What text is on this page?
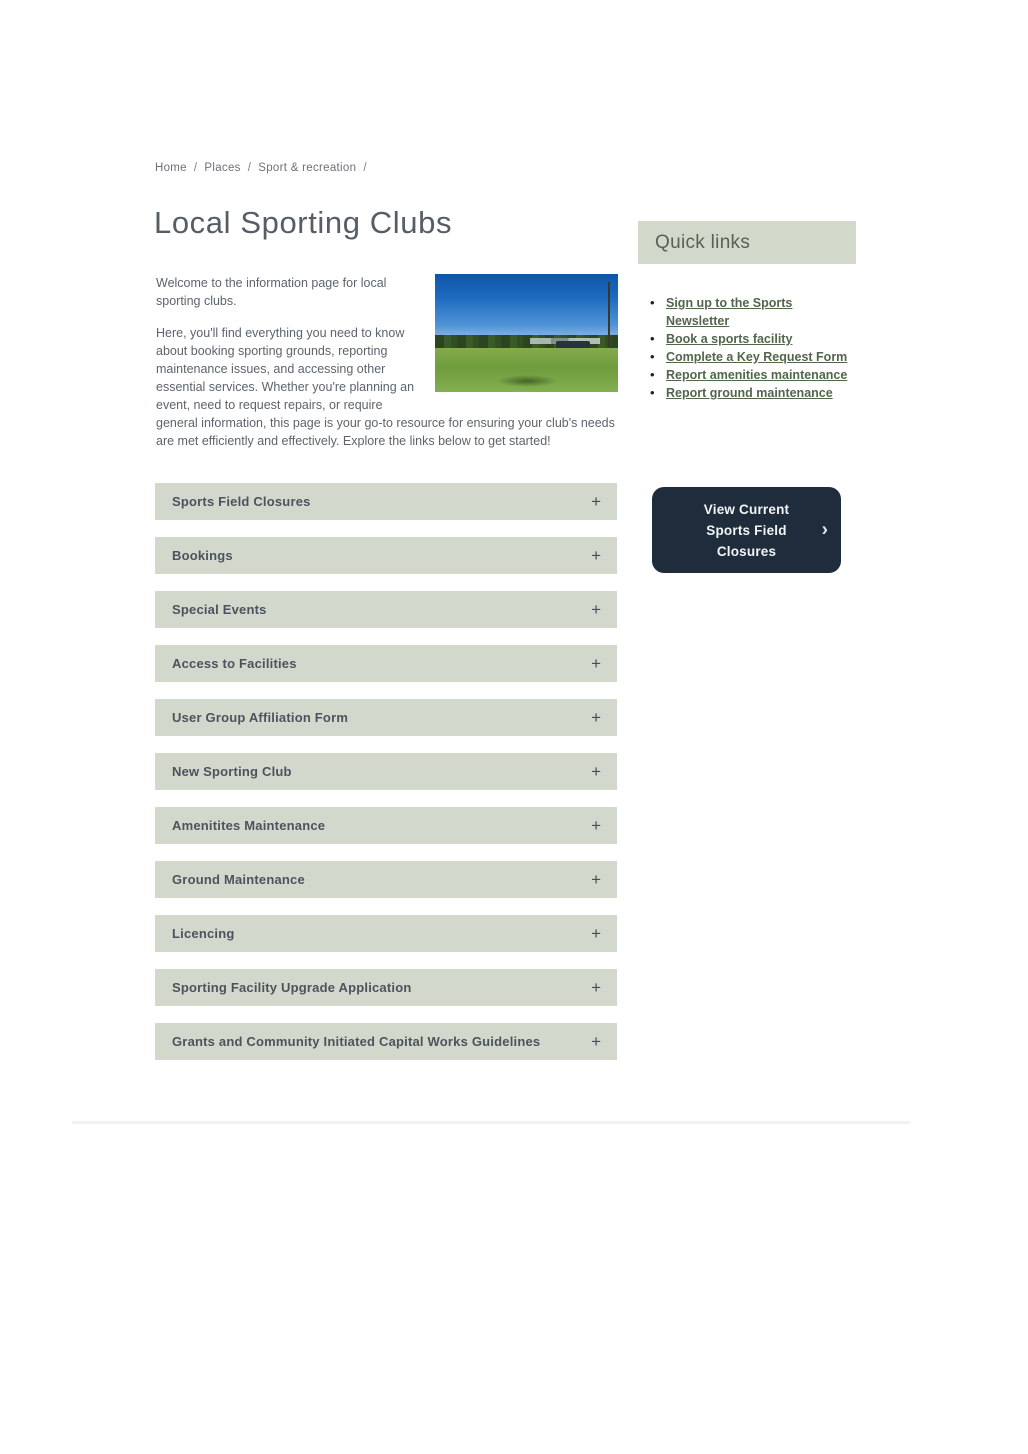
Home / Places / Sport & recreation /
Local Sporting Clubs

Welcome to the information page for local sporting clubs.

Here, you'll find everything you need to know about booking sporting grounds, reporting maintenance issues, and accessing other essential services. Whether you're planning an event, need to request repairs, or require general information, this page is your go-to resource for ensuring your club's needs are met efficiently and effectively. Explore the links below to get started!

Sports Field Closures	+
Bookings	+
Special Events	+
Access to Facilities	+
User Group Affiliation Form	+
New Sporting Club	+
Amenitites Maintenance	+
Ground Maintenance	+
Licencing	+
Sporting Facility Upgrade Application	+
Grants and Community Initiated Capital Works Guidelines	+
Quick links
• Sign up to the Sports Newsletter
• Book a sports facility
• Complete a Key Request Form
• Report amenities maintenance
• Report ground maintenance
View Current Sports Field Closures
›
